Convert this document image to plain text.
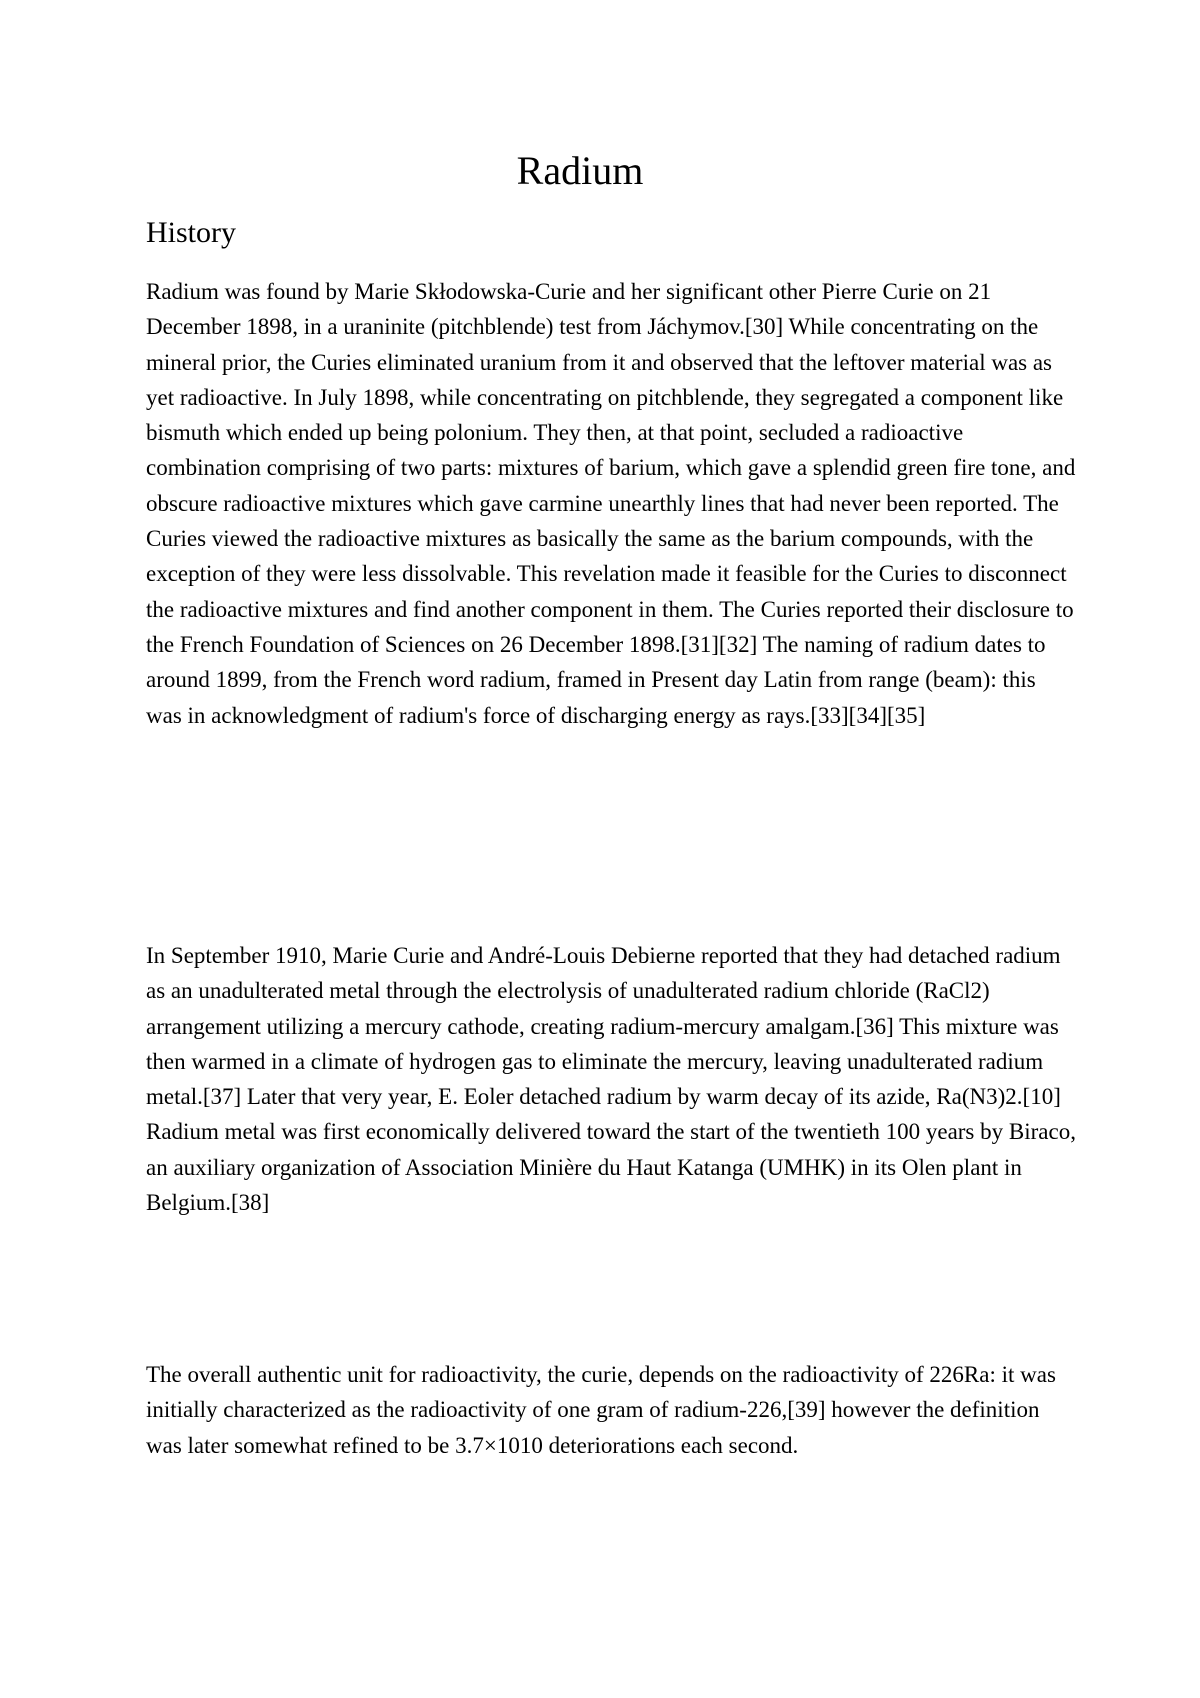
Radium
History

Radium was found by Marie Skłodowska-Curie and her significant other Pierre Curie on 21 December 1898, in a uraninite (pitchblende) test from Jáchymov.[30] While concentrating on the mineral prior, the Curies eliminated uranium from it and observed that the leftover material was as yet radioactive. In July 1898, while concentrating on pitchblende, they segregated a component like bismuth which ended up being polonium. They then, at that point, secluded a radioactive combination comprising of two parts: mixtures of barium, which gave a splendid green fire tone, and obscure radioactive mixtures which gave carmine unearthly lines that had never been reported. The Curies viewed the radioactive mixtures as basically the same as the barium compounds, with the exception of they were less dissolvable. This revelation made it feasible for the Curies to disconnect the radioactive mixtures and find another component in them. The Curies reported their disclosure to the French Foundation of Sciences on 26 December 1898.[31][32] The naming of radium dates to around 1899, from the French word radium, framed in Present day Latin from range (beam): this was in acknowledgment of radium's force of discharging energy as rays.[33][34][35]

In September 1910, Marie Curie and André-Louis Debierne reported that they had detached radium as an unadulterated metal through the electrolysis of unadulterated radium chloride (RaCl2) arrangement utilizing a mercury cathode, creating radium-mercury amalgam.[36] This mixture was then warmed in a climate of hydrogen gas to eliminate the mercury, leaving unadulterated radium metal.[37] Later that very year, E. Eoler detached radium by warm decay of its azide, Ra(N3)2.[10] Radium metal was first economically delivered toward the start of the twentieth 100 years by Biraco, an auxiliary organization of Association Minière du Haut Katanga (UMHK) in its Olen plant in Belgium.[38]

The overall authentic unit for radioactivity, the curie, depends on the radioactivity of 226Ra: it was initially characterized as the radioactivity of one gram of radium-226,[39] however the definition was later somewhat refined to be 3.7×1010 deteriorations each second.
